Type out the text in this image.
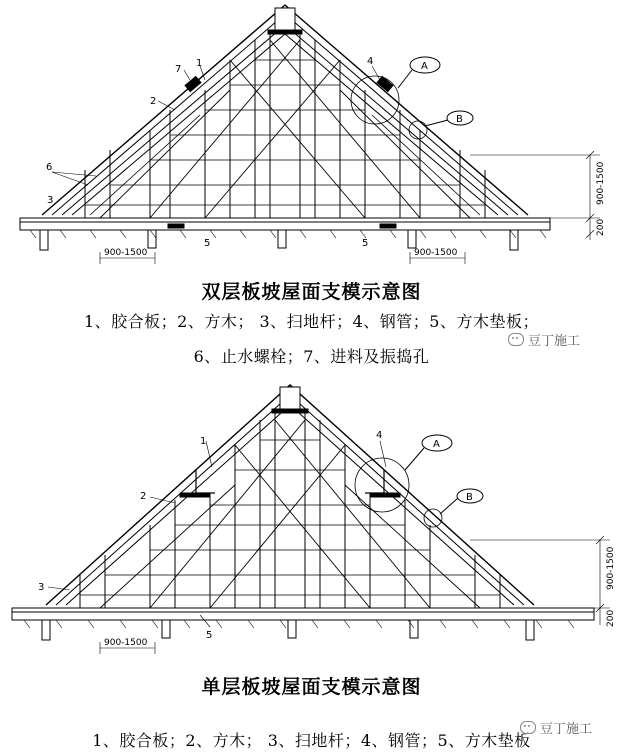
1
2
3
4
5	5
6
7	A
B
900-1500	900-1500
900-1500
200
双层板坡屋面支模示意图
1、胶合板；2、方木； 3、扫地杆；4、钢管；5、方木垫板；
6、止水螺栓；7、进料及振捣孔
豆丁施工
1
2
3
4
5
A
B
900-1500
900-1500
200
单层板坡屋面支模示意图
1、胶合板；2、方木； 3、扫地杆；4、钢管；5、方木垫板
豆丁施工
